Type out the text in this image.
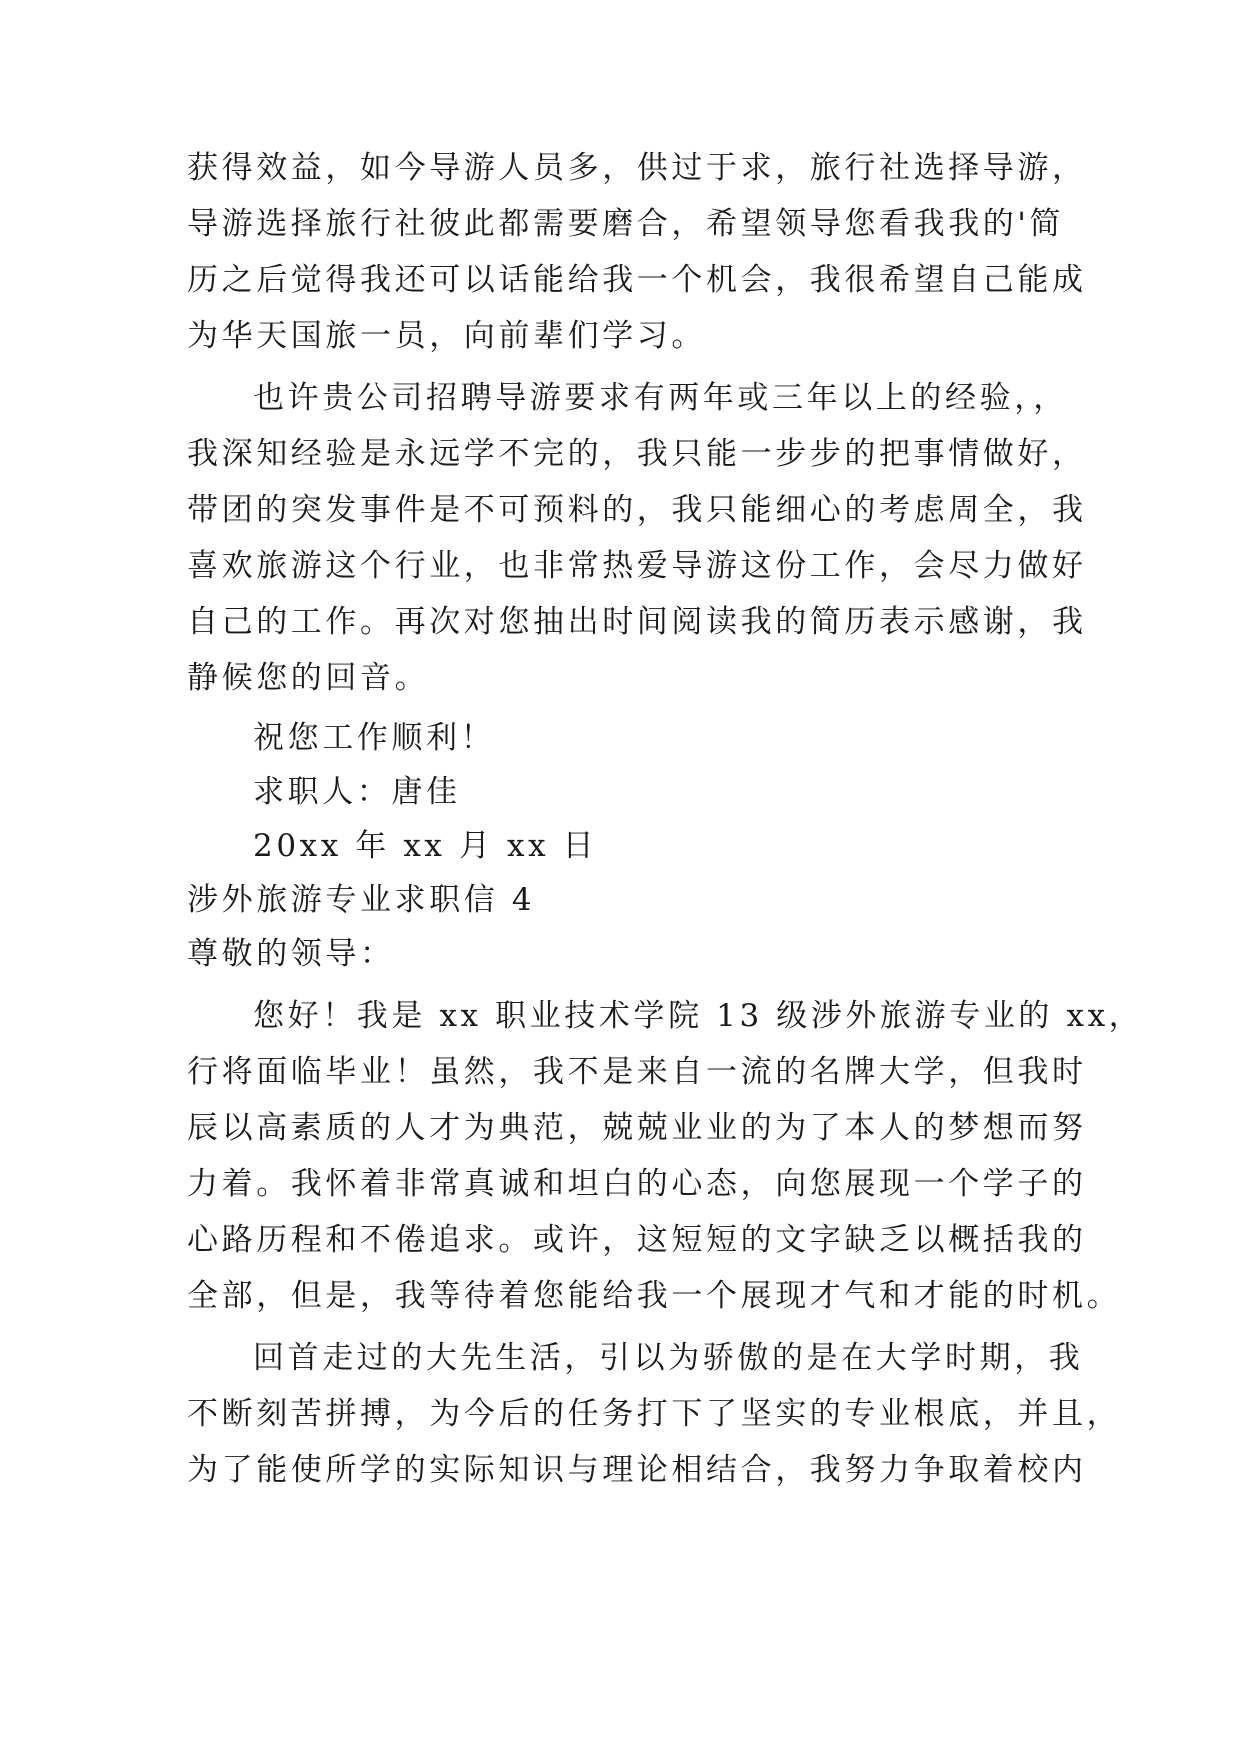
获得效益，如今导游人员多，供过于求，旅行社选择导游，
导游选择旅行社彼此都需要磨合，希望领导您看我我的'简
历之后觉得我还可以话能给我一个机会，我很希望自己能成
为华天国旅一员，向前辈们学习。
也许贵公司招聘导游要求有两年或三年以上的经验，，
我深知经验是永远学不完的，我只能一步步的把事情做好，
带团的突发事件是不可预料的，我只能细心的考虑周全，我
喜欢旅游这个行业，也非常热爱导游这份工作，会尽力做好
自己的工作。再次对您抽出时间阅读我的简历表示感谢，我
静候您的回音。
祝您工作顺利！
求职人：唐佳
20xx 年 xx 月 xx 日
涉外旅游专业求职信 4
尊敬的领导：
您好！我是 xx 职业技术学院 13 级涉外旅游专业的 xx，
行将面临毕业！虽然，我不是来自一流的名牌大学，但我时
辰以高素质的人才为典范，兢兢业业的为了本人的梦想而努
力着。我怀着非常真诚和坦白的心态，向您展现一个学子的
心路历程和不倦追求。或许，这短短的文字缺乏以概括我的
全部，但是，我等待着您能给我一个展现才气和才能的时机。
回首走过的大先生活，引以为骄傲的是在大学时期，我
不断刻苦拼搏，为今后的任务打下了坚实的专业根底，并且，
为了能使所学的实际知识与理论相结合，我努力争取着校内
